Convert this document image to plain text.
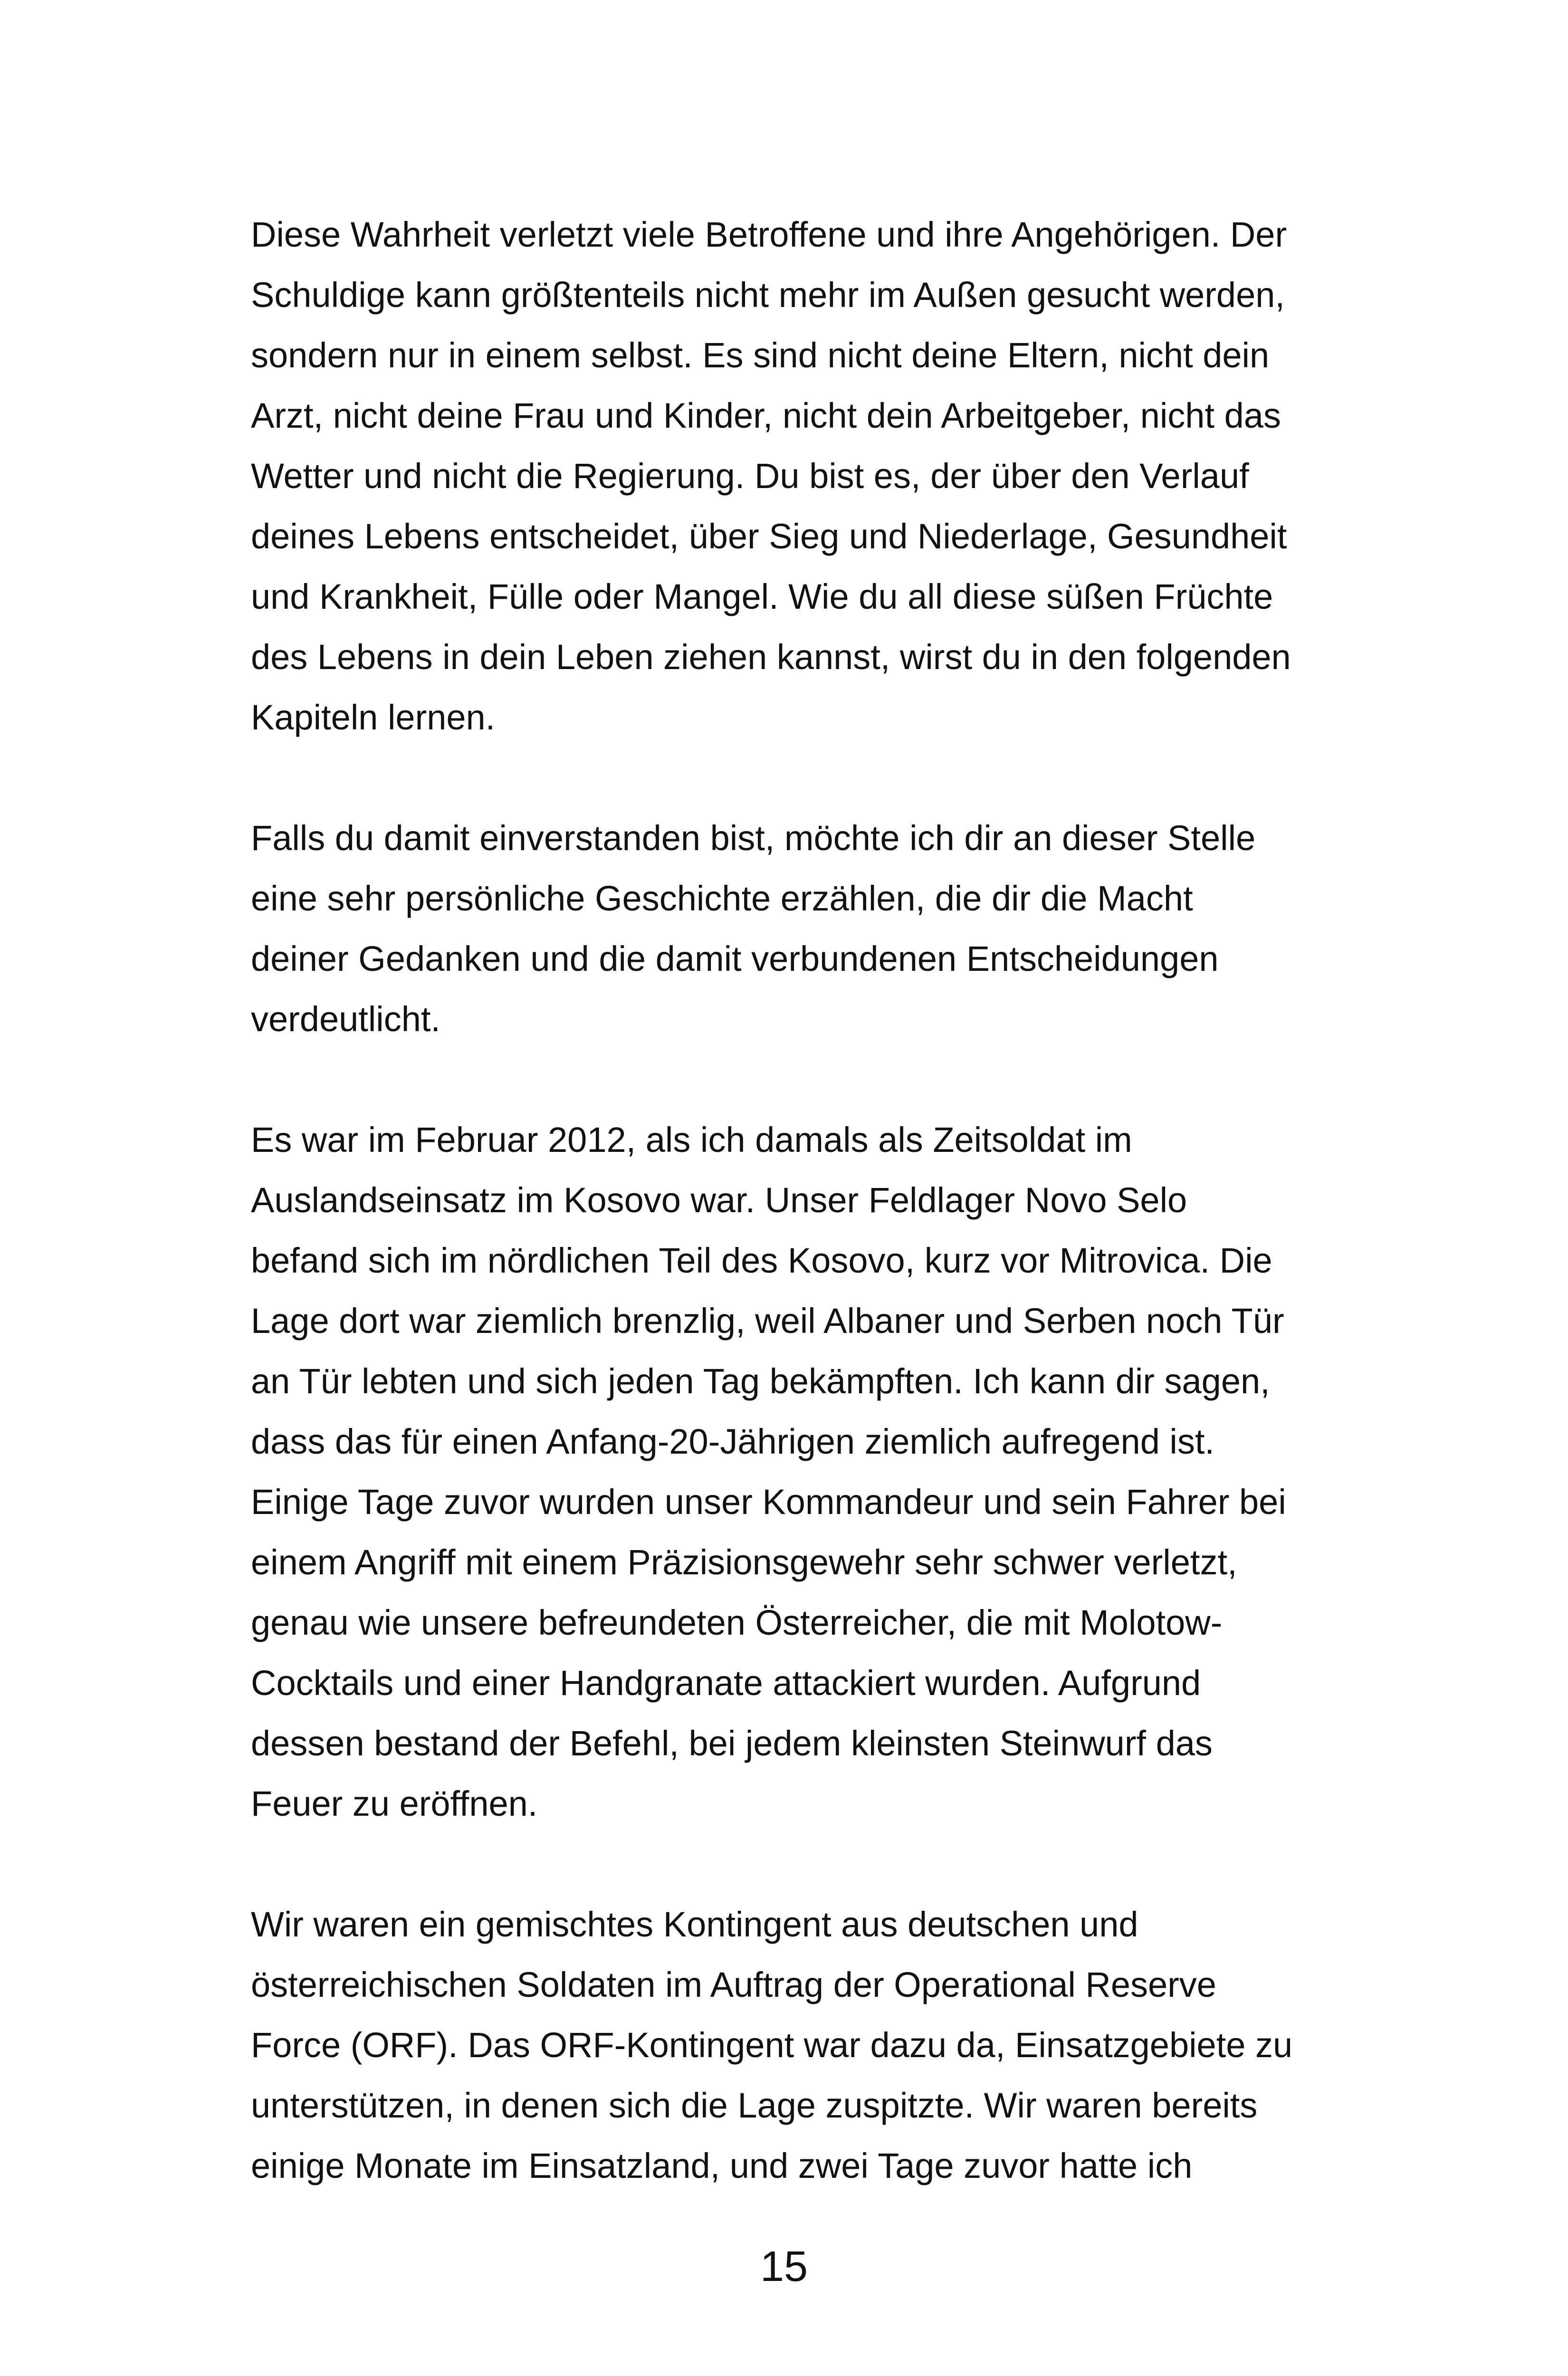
Diese Wahrheit verletzt viele Betroffene und ihre Angehörigen. Der
Schuldige kann größtenteils nicht mehr im Außen gesucht werden,
sondern nur in einem selbst. Es sind nicht deine Eltern, nicht dein
Arzt, nicht deine Frau und Kinder, nicht dein Arbeitgeber, nicht das
Wetter und nicht die Regierung. Du bist es, der über den Verlauf
deines Lebens entscheidet, über Sieg und Niederlage, Gesundheit
und Krankheit, Fülle oder Mangel. Wie du all diese süßen Früchte
des Lebens in dein Leben ziehen kannst, wirst du in den folgenden
Kapiteln lernen.

Falls du damit einverstanden bist, möchte ich dir an dieser Stelle
eine sehr persönliche Geschichte erzählen, die dir die Macht
deiner Gedanken und die damit verbundenen Entscheidungen
verdeutlicht.

Es war im Februar 2012, als ich damals als Zeitsoldat im
Auslandseinsatz im Kosovo war. Unser Feldlager Novo Selo
befand sich im nördlichen Teil des Kosovo, kurz vor Mitrovica. Die
Lage dort war ziemlich brenzlig, weil Albaner und Serben noch Tür
an Tür lebten und sich jeden Tag bekämpften. Ich kann dir sagen,
dass das für einen Anfang-20-Jährigen ziemlich aufregend ist.
Einige Tage zuvor wurden unser Kommandeur und sein Fahrer bei
einem Angriff mit einem Präzisionsgewehr sehr schwer verletzt,
genau wie unsere befreundeten Österreicher, die mit Molotow-
Cocktails und einer Handgranate attackiert wurden. Aufgrund
dessen bestand der Befehl, bei jedem kleinsten Steinwurf das
Feuer zu eröffnen.

Wir waren ein gemischtes Kontingent aus deutschen und
österreichischen Soldaten im Auftrag der Operational Reserve
Force (ORF). Das ORF-Kontingent war dazu da, Einsatzgebiete zu
unterstützen, in denen sich die Lage zuspitzte. Wir waren bereits
einige Monate im Einsatzland, und zwei Tage zuvor hatte ich

15
